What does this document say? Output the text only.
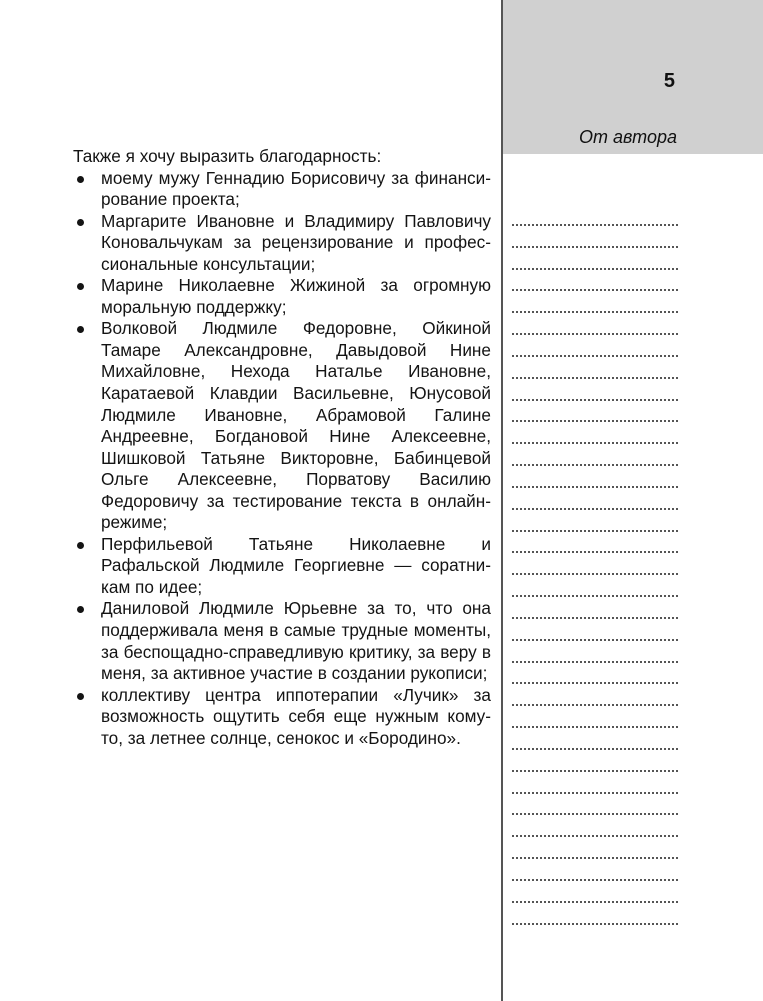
5
От автора

Также я хочу выразить благодарность:

моему мужу Геннадию Борисовичу за финансирование проекта;
Маргарите Ивановне и Владимиру Павловичу Коновальчукам за рецензирование и профессиональные консультации;
Марине Николаевне Жижиной за огромную моральную поддержку;
Волковой Людмиле Федоровне, Ойкиной Тамаре Александровне, Давыдовой Нине Михайловне, Нехода Наталье Ивановне, Каратаевой Клавдии Васильевне, Юнусовой Людмиле Ивановне, Абрамовой Галине Андреевне, Богдановой Нине Алексеевне, Шишковой Татьяне Викторовне, Бабинцевой Ольге Алексеевне, Порватову Василию Федоровичу за тестирование текста в онлайн-режиме;
Перфильевой Татьяне Николаевне и Рафальской Людмиле Георгиевне — соратникам по идее;
Даниловой Людмиле Юрьевне за то, что она поддерживала меня в самые трудные моменты, за беспощадно-справедливую критику, за веру в меня, за активное участие в создании рукописи;
коллективу центра иппотерапии «Лучик» за возможность ощутить себя еще нужным кому-то, за летнее солнце, сенокос и «Бородино».
